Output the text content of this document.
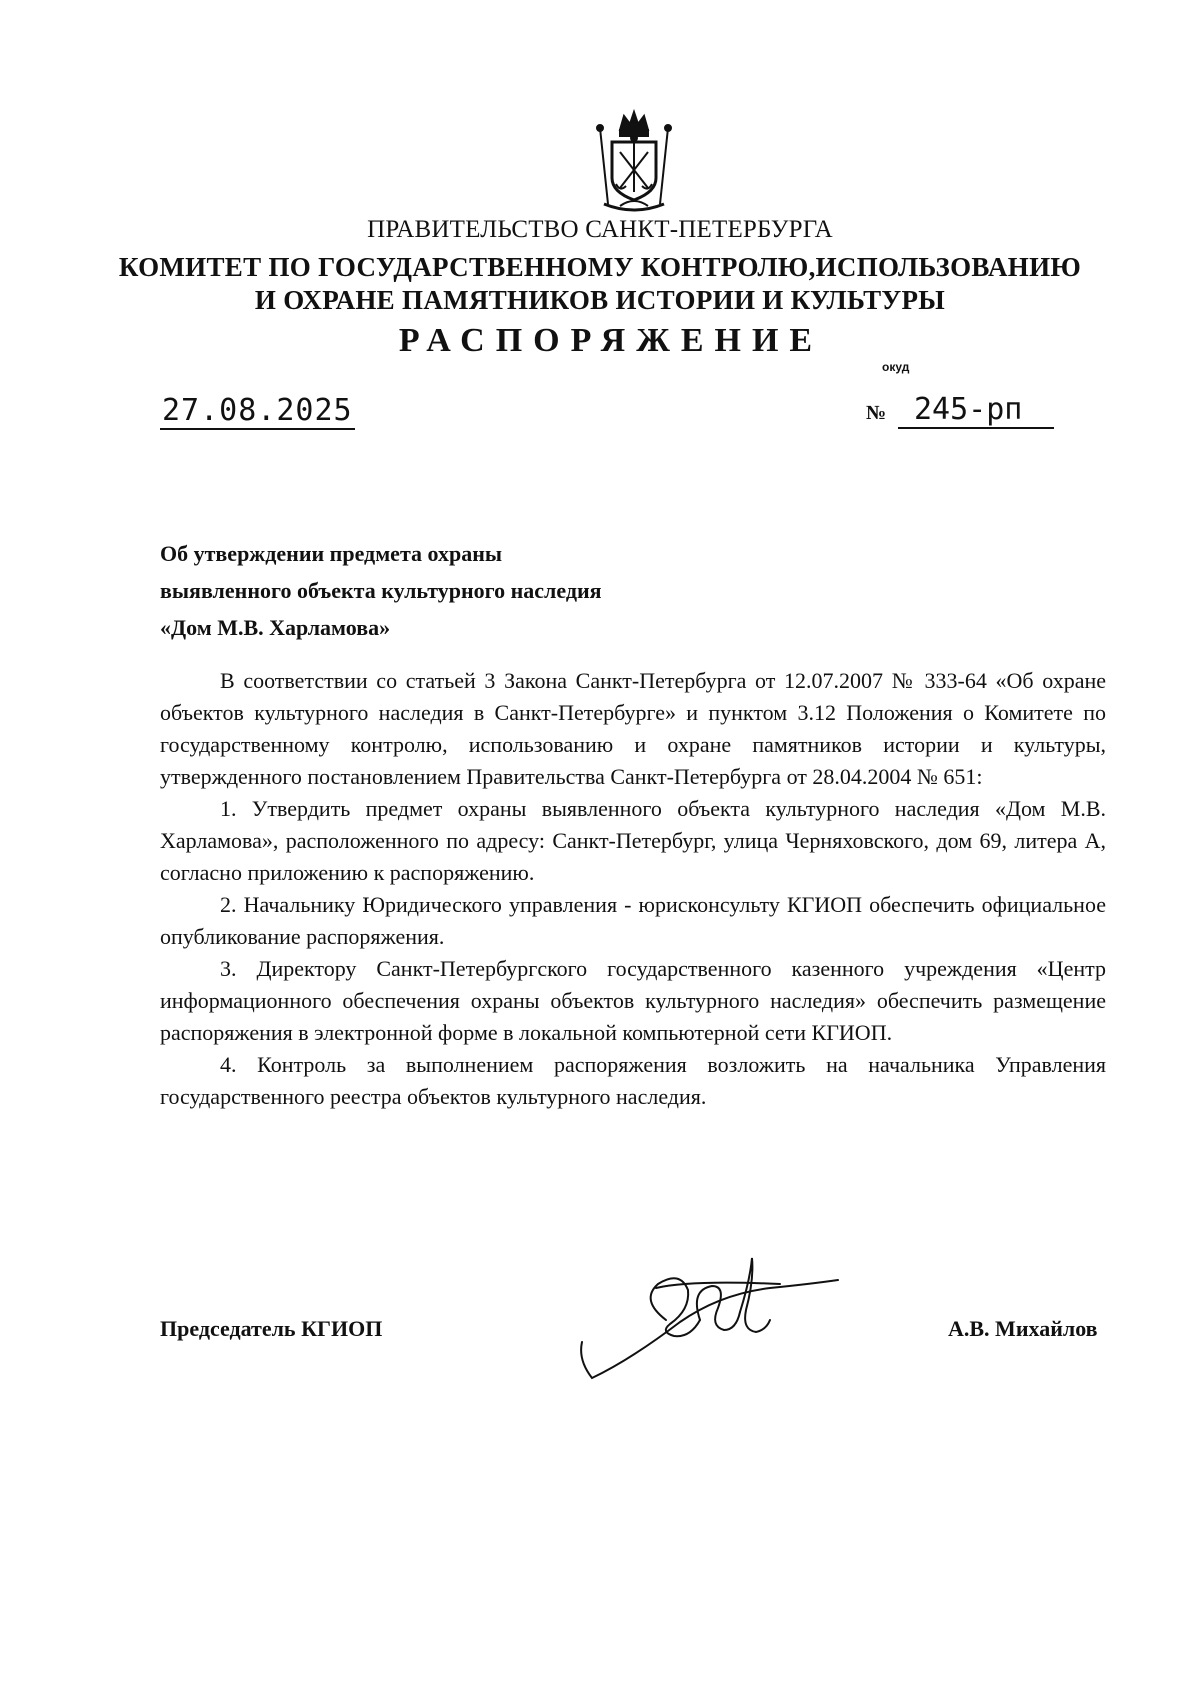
ПРАВИТЕЛЬСТВО САНКТ-ПЕТЕРБУРГА
КОМИТЕТ ПО ГОСУДАРСТВЕННОМУ КОНТРОЛЮ,ИСПОЛЬЗОВАНИЮ
И ОХРАНЕ ПАМЯТНИКОВ ИСТОРИИ И КУЛЬТУРЫ
РАСПОРЯЖЕНИЕ
окуд
27.08.2025	№ 245-рп
Об утверждении предмета охраны
выявленного объекта культурного наследия
«Дом М.В. Харламова»

В соответствии со статьей 3 Закона Санкт-Петербурга от 12.07.2007 № 333-64 «Об охране объектов культурного наследия в Санкт-Петербурге» и пунктом 3.12 Положения о Комитете по государственному контролю, использованию и охране памятников истории и культуры, утвержденного постановлением Правительства Санкт-Петербурга от 28.04.2004 № 651:

1. Утвердить предмет охраны выявленного объекта культурного наследия «Дом М.В. Харламова», расположенного по адресу: Санкт-Петербург, улица Черняховского, дом 69, литера А, согласно приложению к распоряжению.

2. Начальнику Юридического управления - юрисконсульту КГИОП обеспечить официальное опубликование распоряжения.

3. Директору Санкт-Петербургского государственного казенного учреждения «Центр информационного обеспечения охраны объектов культурного наследия» обеспечить размещение распоряжения в электронной форме в локальной компьютерной сети КГИОП.

4. Контроль за выполнением распоряжения возложить на начальника Управления государственного реестра объектов культурного наследия.

Председатель КГИОП	А.В. Михайлов
